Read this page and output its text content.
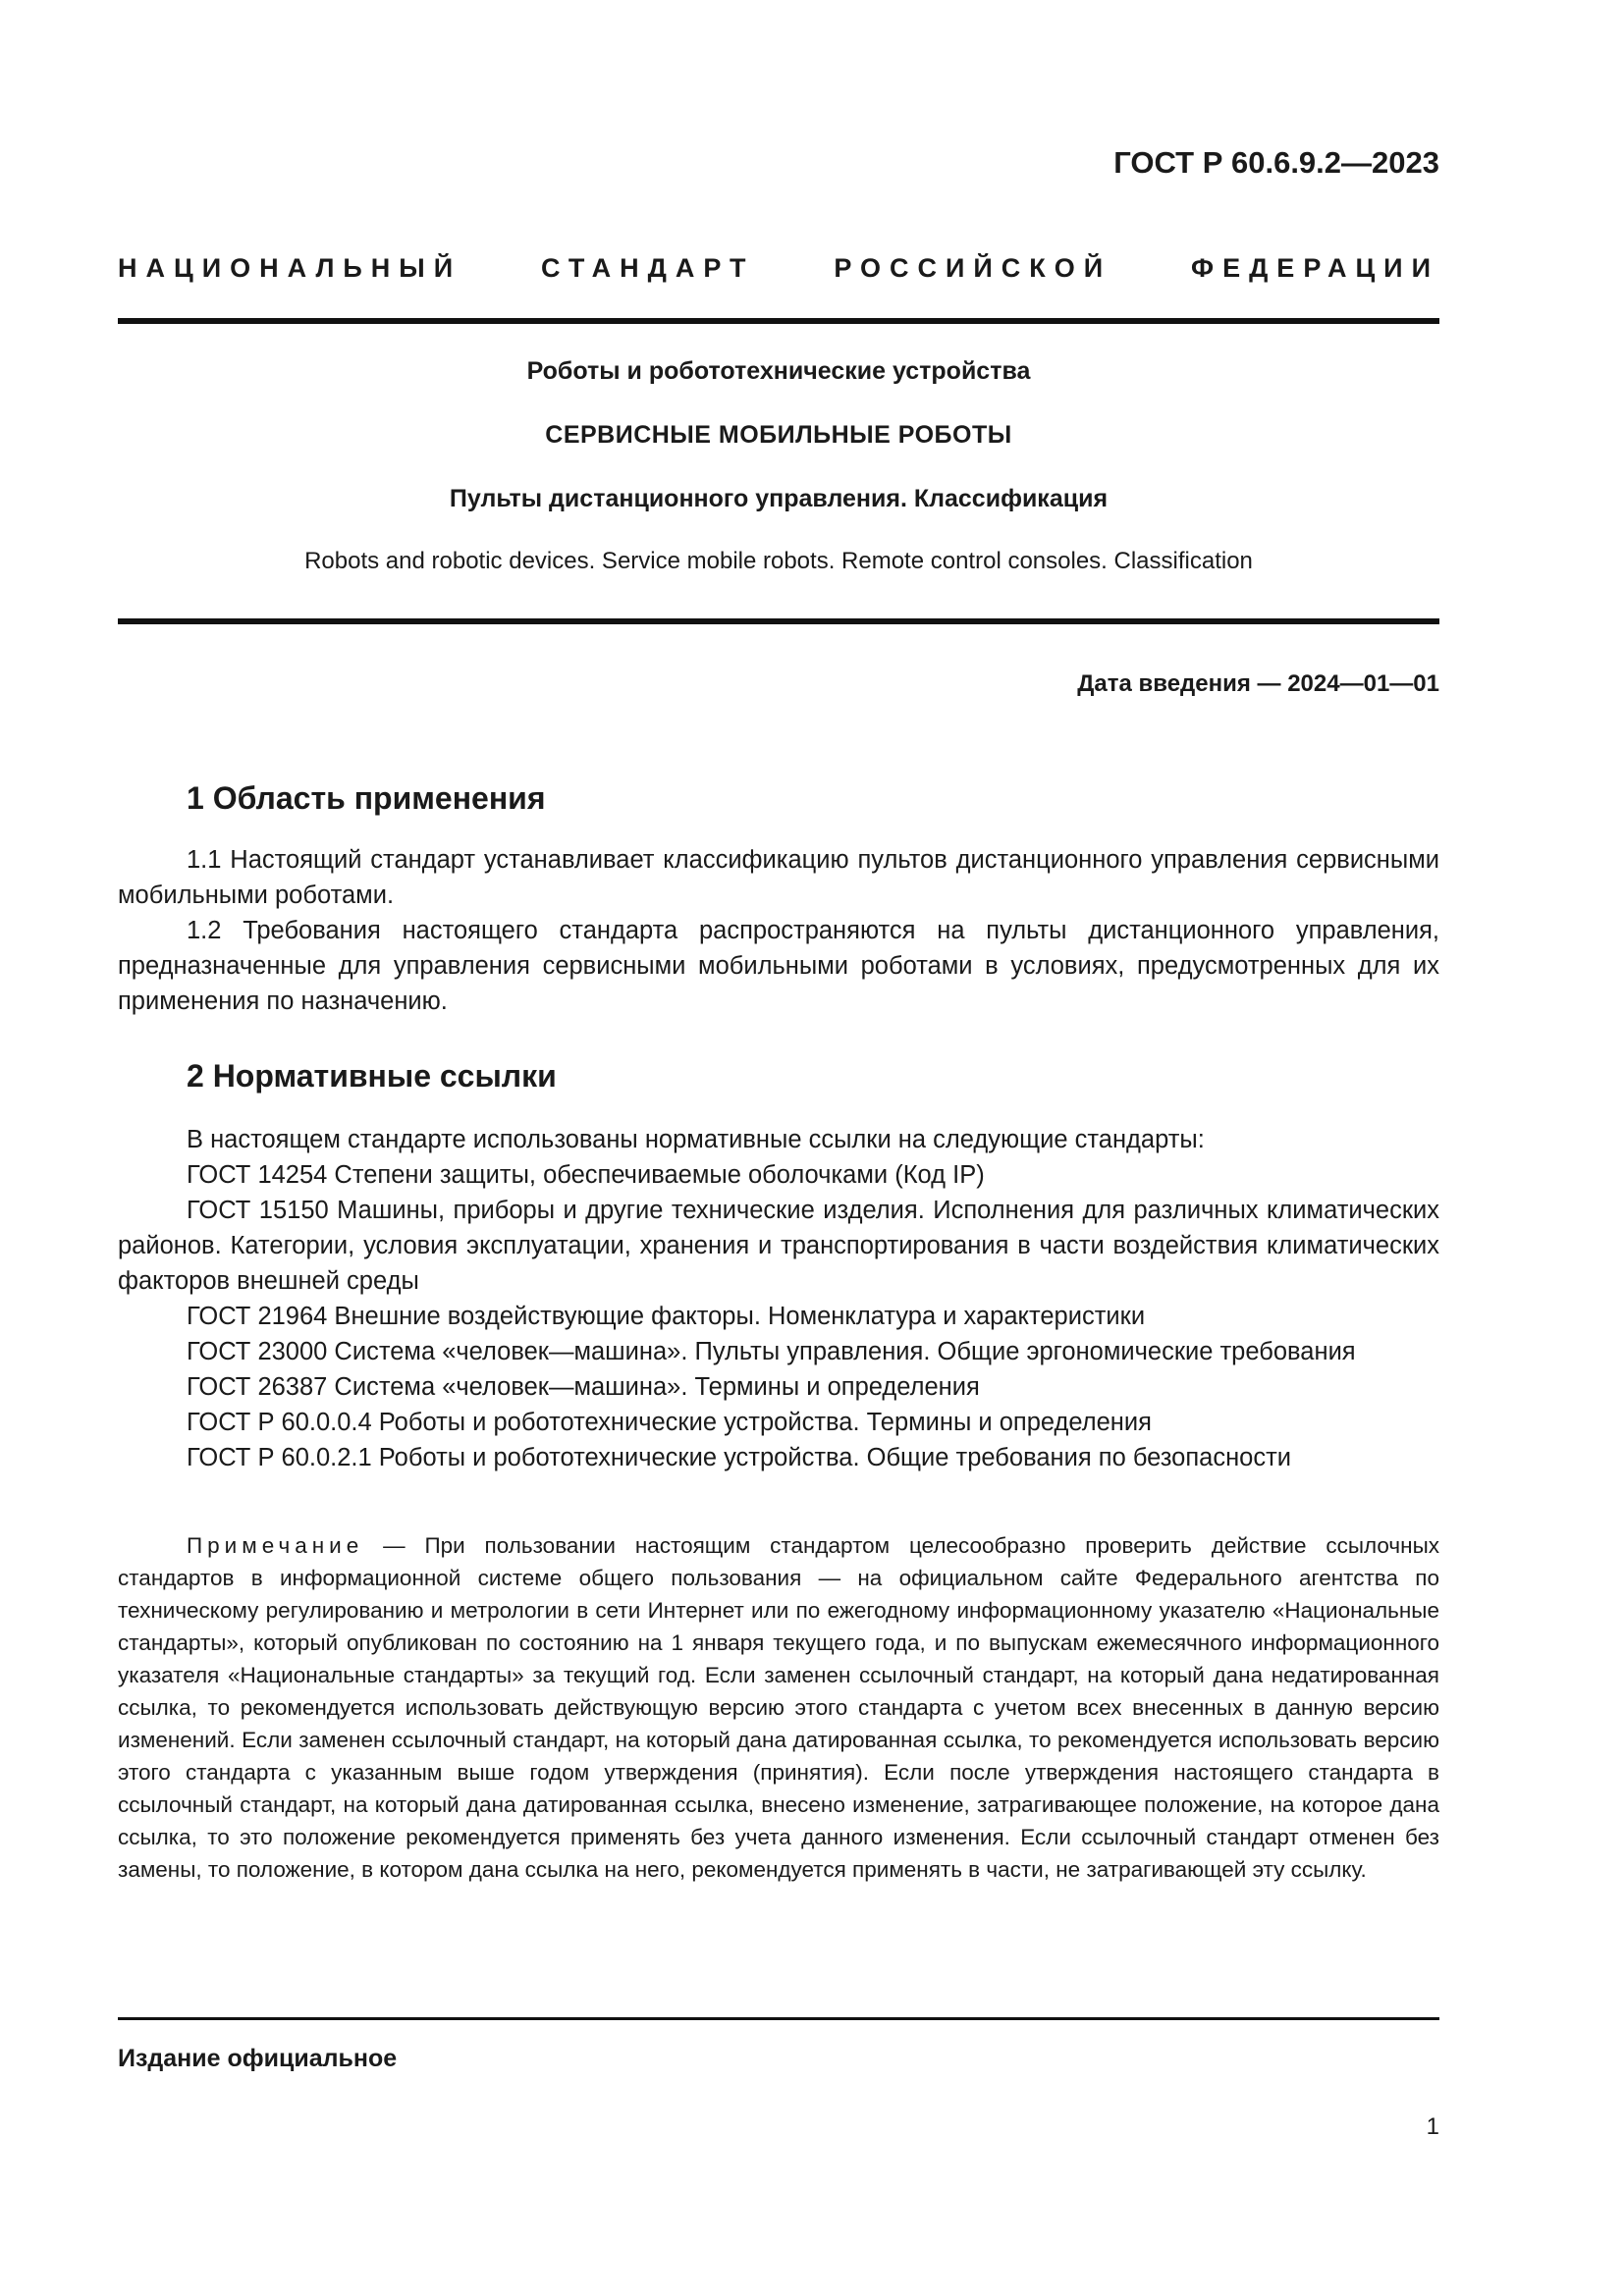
ГОСТ Р 60.6.9.2—2023
НАЦИОНАЛЬНЫЙ СТАНДАРТ РОССИЙСКОЙ ФЕДЕРАЦИИ
Роботы и робототехнические устройства
СЕРВИСНЫЕ МОБИЛЬНЫЕ РОБОТЫ
Пульты дистанционного управления. Классификация
Robots and robotic devices. Service mobile robots. Remote control consoles. Classification
Дата введения — 2024—01—01
1 Область применения

1.1 Настоящий стандарт устанавливает классификацию пультов дистанционного управления сервисными мобильными роботами.

1.2 Требования настоящего стандарта распространяются на пульты дистанционного управления, предназначенные для управления сервисными мобильными роботами в условиях, предусмотренных для их применения по назначению.

2 Нормативные ссылки

В настоящем стандарте использованы нормативные ссылки на следующие стандарты:

ГОСТ 14254 Степени защиты, обеспечиваемые оболочками (Код IP)

ГОСТ 15150 Машины, приборы и другие технические изделия. Исполнения для различных климатических районов. Категории, условия эксплуатации, хранения и транспортирования в части воздействия климатических факторов внешней среды

ГОСТ 21964 Внешние воздействующие факторы. Номенклатура и характеристики

ГОСТ 23000 Система «человек—машина». Пульты управления. Общие эргономические требования

ГОСТ 26387 Система «человек—машина». Термины и определения

ГОСТ Р 60.0.0.4 Роботы и робототехнические устройства. Термины и определения

ГОСТ Р 60.0.2.1 Роботы и робототехнические устройства. Общие требования по безопасности

Примечание — При пользовании настоящим стандартом целесообразно проверить действие ссылочных стандартов в информационной системе общего пользования — на официальном сайте Федерального агентства по техническому регулированию и метрологии в сети Интернет или по ежегодному информационному указателю «Национальные стандарты», который опубликован по состоянию на 1 января текущего года, и по выпускам ежемесячного информационного указателя «Национальные стандарты» за текущий год. Если заменен ссылочный стандарт, на который дана недатированная ссылка, то рекомендуется использовать действующую версию этого стандарта с учетом всех внесенных в данную версию изменений. Если заменен ссылочный стандарт, на который дана датированная ссылка, то рекомендуется использовать версию этого стандарта с указанным выше годом утверждения (принятия). Если после утверждения настоящего стандарта в ссылочный стандарт, на который дана датированная ссылка, внесено изменение, затрагивающее положение, на которое дана ссылка, то это положение рекомендуется применять без учета данного изменения. Если ссылочный стандарт отменен без замены, то положение, в котором дана ссылка на него, рекомендуется применять в части, не затрагивающей эту ссылку.

Издание официальное
1
